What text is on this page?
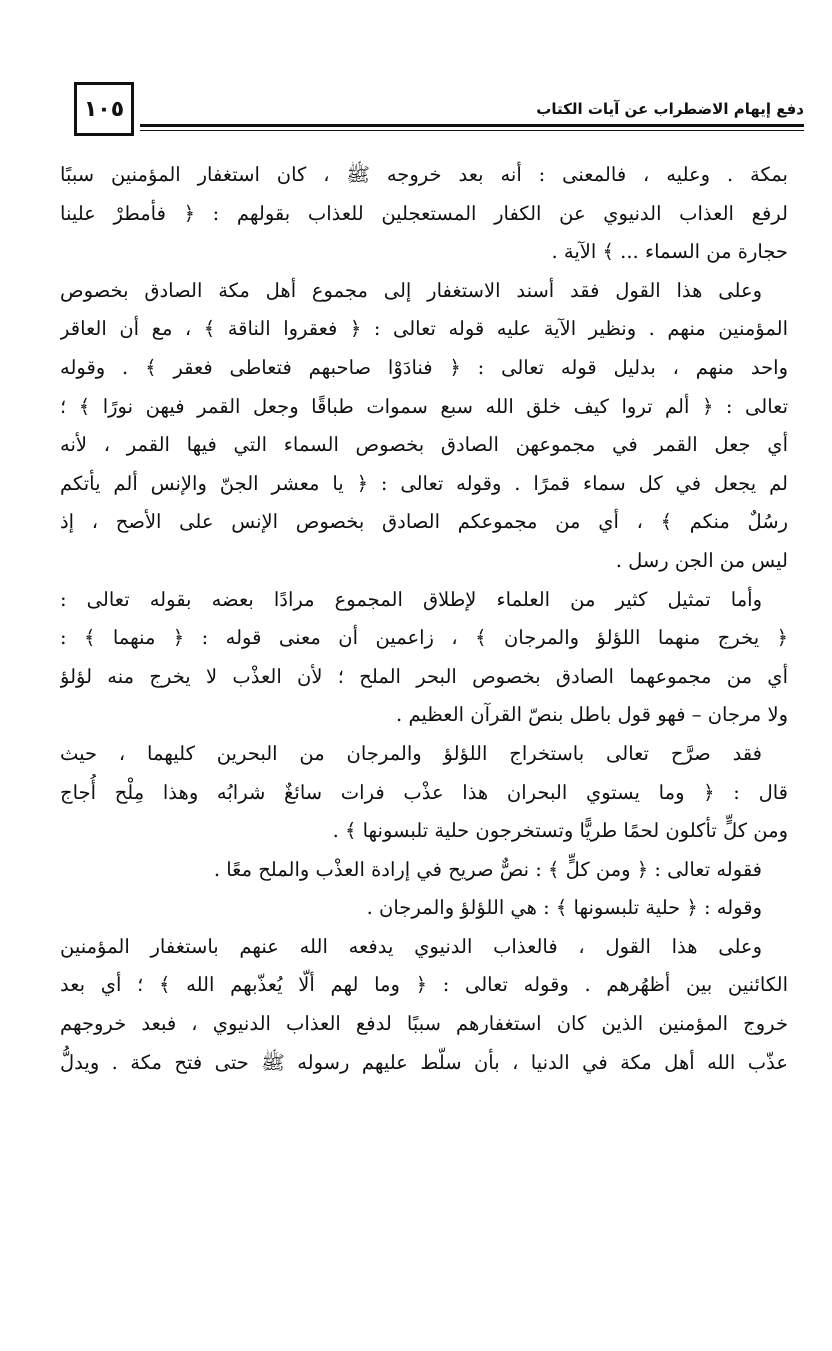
١٠٥	دفع إيهام الاضطراب عن آيات الكتاب
بمكة . وعليه ، فالمعنى : أنه بعد خروجه ﷺ ، كان استغفار المؤمنين سببًا
لرفع العذاب الدنيوي عن الكفار المستعجلين للعذاب بقولهم : ﴿ فأمطرْ علينا
حجارة من السماء ... ﴾ الآية .
وعلى هذا القول فقد أسند الاستغفار إلى مجموع أهل مكة الصادق بخصوص
المؤمنين منهم . ونظير الآية عليه قوله تعالى : ﴿ فعقروا الناقة ﴾ ، مع أن العاقر
واحد منهم ، بدليل قوله تعالى : ﴿ فنادَوْا صاحبهم فتعاطى فعقر ﴾ . وقوله
تعالى : ﴿ ألم تروا كيف خلق الله سبع سموات طباقًا وجعل القمر فيهن نورًا ﴾ ؛
أي جعل القمر في مجموعهن الصادق بخصوص السماء التي فيها القمر ، لأنه
لم يجعل في كل سماء قمرًا . وقوله تعالى : ﴿ يا معشر الجنّ والإنس ألم يأتكم
رسُلٌ منكم ﴾ ، أي من مجموعكم الصادق بخصوص الإنس على الأصح ، إذ
ليس من الجن رسل .
وأما تمثيل كثير من العلماء لإطلاق المجموع مرادًا بعضه بقوله تعالى :
﴿ يخرج منهما اللؤلؤ والمرجان ﴾ ، زاعمين أن معنى قوله : ﴿ منهما ﴾ :
أي من مجموعهما الصادق بخصوص البحر الملح ؛ لأن العذْب لا يخرج منه لؤلؤ
ولا مرجان – فهو قول باطل بنصّ القرآن العظيم .
فقد صرَّح تعالى باستخراج اللؤلؤ والمرجان من البحرين كليهما ، حيث
قال : ﴿ وما يستوي البحران هذا عذْب فرات سائغٌ شرابُه وهذا مِلْح أُجاج
ومن كلٍّ تأكلون لحمًا طريًّا وتستخرجون حلية تلبسونها ﴾ .
فقوله تعالى : ﴿ ومن كلٍّ ﴾ : نصٌّ صريح في إرادة العذْب والملح معًا .
وقوله : ﴿ حلية تلبسونها ﴾ : هي اللؤلؤ والمرجان .
وعلى هذا القول ، فالعذاب الدنيوي يدفعه الله عنهم باستغفار المؤمنين
الكائنين بين أظهُرهم . وقوله تعالى : ﴿ وما لهم ألّا يُعذّبهم الله ﴾ ؛ أي بعد
خروج المؤمنين الذين كان استغفارهم سببًا لدفع العذاب الدنيوي ، فبعد خروجهم
عذّب الله أهل مكة في الدنيا ، بأن سلّط عليهم رسوله ﷺ حتى فتح مكة . ويدلُّ
